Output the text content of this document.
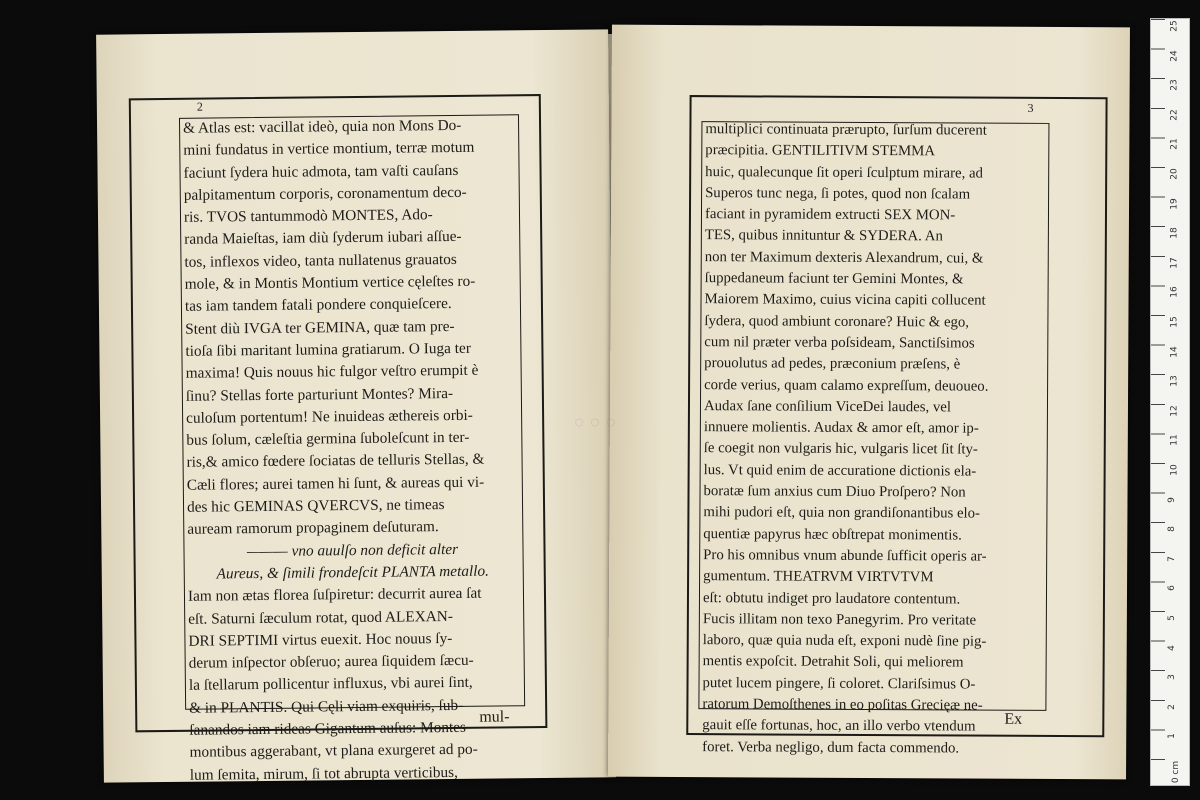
2
& Atlas est: vacillat ideò, quia non Mons Do-
mini fundatus in vertice montium, terræ motum
faciunt ſydera huic admota, tam vaſti cauſans
palpitamentum corporis, coronamentum deco-
ris. TVOS tantummodò MONTES, Ado-
randa Maieſtas, iam diù ſyderum iubari aſſue-
tos, inflexos video, tanta nullatenus grauatos
mole, & in Montis Montium vertice cęleſtes ro-
tas iam tandem fatali pondere conquieſcere.
Stent diù IVGA ter GEMINA, quæ tam pre-
tioſa ſibi maritant lumina gratiarum. O Iuga ter
maxima! Quis nouus hic fulgor veſtro erumpit è
ſinu? Stellas forte parturiunt Montes? Mira-
culoſum portentum! Ne inuideas æthereis orbi-
bus ſolum, cæleſtia germina ſuboleſcunt in ter-
ris,& amico fœdere ſociatas de telluris Stellas, &
Cæli flores; aurei tamen hi ſunt, & aureas qui vi-
des hic GEMINAS QVERCVS, ne timeas
auream ramorum propaginem deſuturam.
——— vno auulſo non deficit alter
Aureus, & ſimili frondeſcit PLANTA metallo.
Iam non ætas florea ſuſpiretur: decurrit aurea ſat
eſt. Saturni ſæculum rotat, quod ALEXAN-
DRI SEPTIMI virtus euexit. Hoc nouus ſy-
derum inſpector obſeruo; aurea ſiquidem ſæcu-
la ſtellarum pollicentur influxus, vbi aurei ſint,
& in PLANTIS. Qui Cęli viam exquiris, ſub-
ſanandos iam rideas Gigantum auſus: Montes
montibus aggerabant, vt plana exurgeret ad po-
lum ſemita, mirum, ſi tot abrupta verticibus,
mul-
3
multiplici continuata prærupto, ſurſum ducerent
præcipitia. GENTILITIVM STEMMA
huic, qualecunque ſit operi ſculptum mirare, ad
Superos tunc nega, ſi potes, quod non ſcalam
faciant in pyramidem extructi SEX MON-
TES, quibus innituntur & SYDERA. An
non ter Maximum dexteris Alexandrum, cui, &
ſuppedaneum faciunt ter Gemini Montes, &
Maiorem Maximo, cuius vicina capiti collucent
ſydera, quod ambiunt coronare? Huic & ego,
cum nil præter verba poſsideam, Sanctiſsimos
prouolutus ad pedes, præconium præſens, è
corde verius, quam calamo expreſſum, deuoueo.
Audax ſane conſilium ViceDei laudes, vel
innuere molientis. Audax & amor eſt, amor ip-
ſe coegit non vulgaris hic, vulgaris licet ſit ſty-
lus. Vt quid enim de accuratione dictionis ela-
boratæ ſum anxius cum Diuo Proſpero? Non
mihi pudori eſt, quia non grandiſonantibus elo-
quentiæ papyrus hæc obſtrepat monimentis.
Pro his omnibus vnum abunde ſufficit operis ar-
gumentum. THEATRVM VIRTVTVM
eſt: obtutu indiget pro laudatore contentum.
Fucis illitam non texo Panegyrim. Pro veritate
laboro, quæ quia nuda eſt, exponi nudè ſine pig-
mentis expoſcit. Detrahit Soli, qui meliorem
putet lucem pingere, ſi coloret. Clariſsimus O-
ratorum Demoſthenes in eo poſitas Grecięæ ne-
gauit eſſe fortunas, hoc, an illo verbo vtendum
foret. Verba negligo, dum facta commendo.
Ex
○ ○ ○
0 cm
1
2
3
4
5
6
7
8
9
10
11
12
13
14
15
16
17
18
19
20
21
22
23
24
25
